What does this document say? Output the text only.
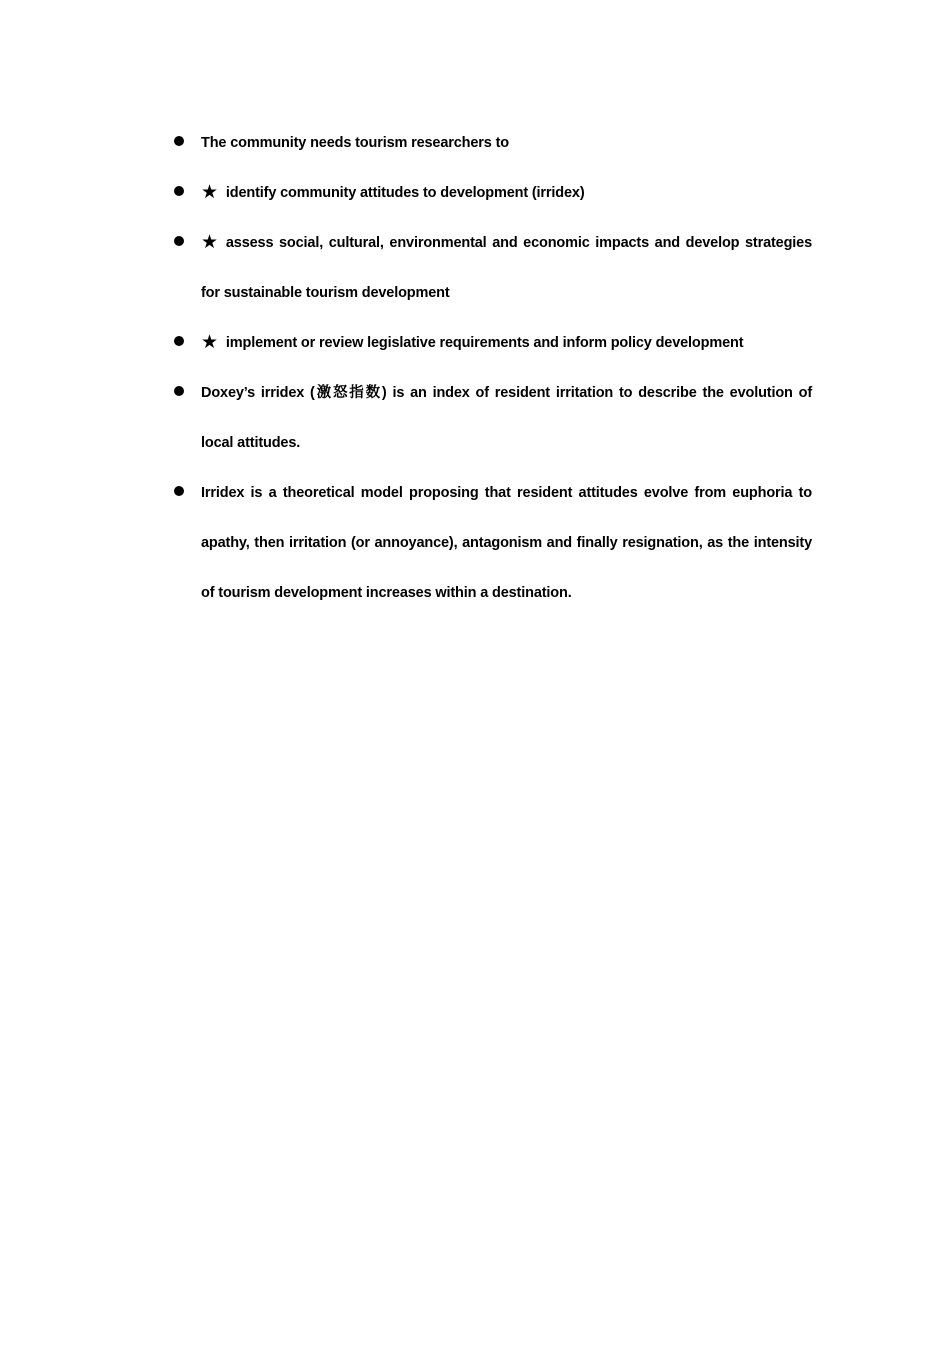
The community needs tourism researchers to
★ identify community attitudes to development (irridex)
★ assess social, cultural, environmental and economic impacts and develop strategies for sustainable tourism development
★ implement or review legislative requirements and inform policy development
Doxey’s irridex (激怒指数) is an index of resident irritation to describe the evolution of local attitudes.
Irridex is a theoretical model proposing that resident attitudes evolve from euphoria to apathy, then irritation (or annoyance), antagonism and finally resignation, as the intensity of tourism development increases within a destination.
